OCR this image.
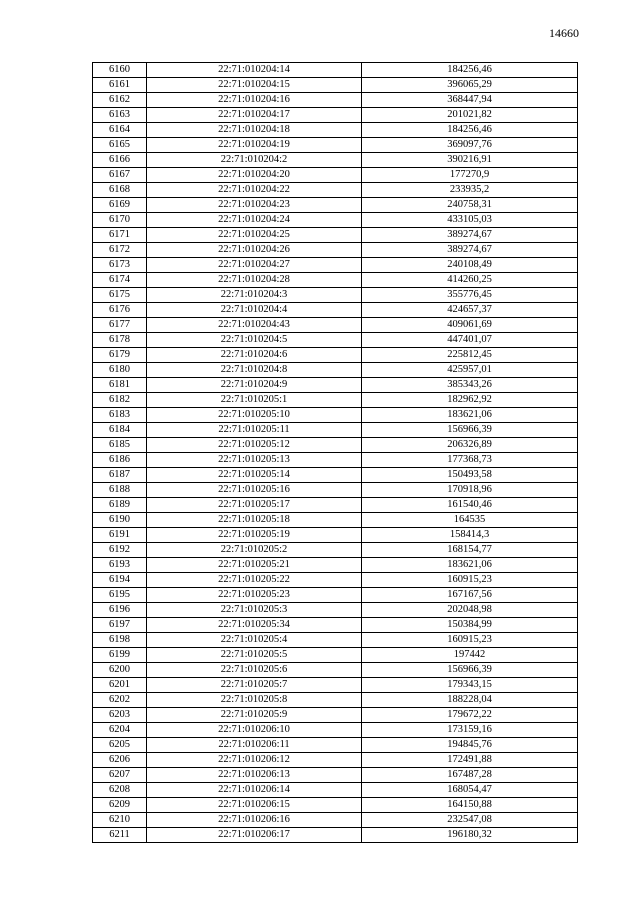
14660
6160	22:71:010204:14	184256,46
6161	22:71:010204:15	396065,29
6162	22:71:010204:16	368447,94
6163	22:71:010204:17	201021,82
6164	22:71:010204:18	184256,46
6165	22:71:010204:19	369097,76
6166	22:71:010204:2	390216,91
6167	22:71:010204:20	177270,9
6168	22:71:010204:22	233935,2
6169	22:71:010204:23	240758,31
6170	22:71:010204:24	433105,03
6171	22:71:010204:25	389274,67
6172	22:71:010204:26	389274,67
6173	22:71:010204:27	240108,49
6174	22:71:010204:28	414260,25
6175	22:71:010204:3	355776,45
6176	22:71:010204:4	424657,37
6177	22:71:010204:43	409061,69
6178	22:71:010204:5	447401,07
6179	22:71:010204:6	225812,45
6180	22:71:010204:8	425957,01
6181	22:71:010204:9	385343,26
6182	22:71:010205:1	182962,92
6183	22:71:010205:10	183621,06
6184	22:71:010205:11	156966,39
6185	22:71:010205:12	206326,89
6186	22:71:010205:13	177368,73
6187	22:71:010205:14	150493,58
6188	22:71:010205:16	170918,96
6189	22:71:010205:17	161540,46
6190	22:71:010205:18	164535
6191	22:71:010205:19	158414,3
6192	22:71:010205:2	168154,77
6193	22:71:010205:21	183621,06
6194	22:71:010205:22	160915,23
6195	22:71:010205:23	167167,56
6196	22:71:010205:3	202048,98
6197	22:71:010205:34	150384,99
6198	22:71:010205:4	160915,23
6199	22:71:010205:5	197442
6200	22:71:010205:6	156966,39
6201	22:71:010205:7	179343,15
6202	22:71:010205:8	188228,04
6203	22:71:010205:9	179672,22
6204	22:71:010206:10	173159,16
6205	22:71:010206:11	194845,76
6206	22:71:010206:12	172491,88
6207	22:71:010206:13	167487,28
6208	22:71:010206:14	168054,47
6209	22:71:010206:15	164150,88
6210	22:71:010206:16	232547,08
6211	22:71:010206:17	196180,32
